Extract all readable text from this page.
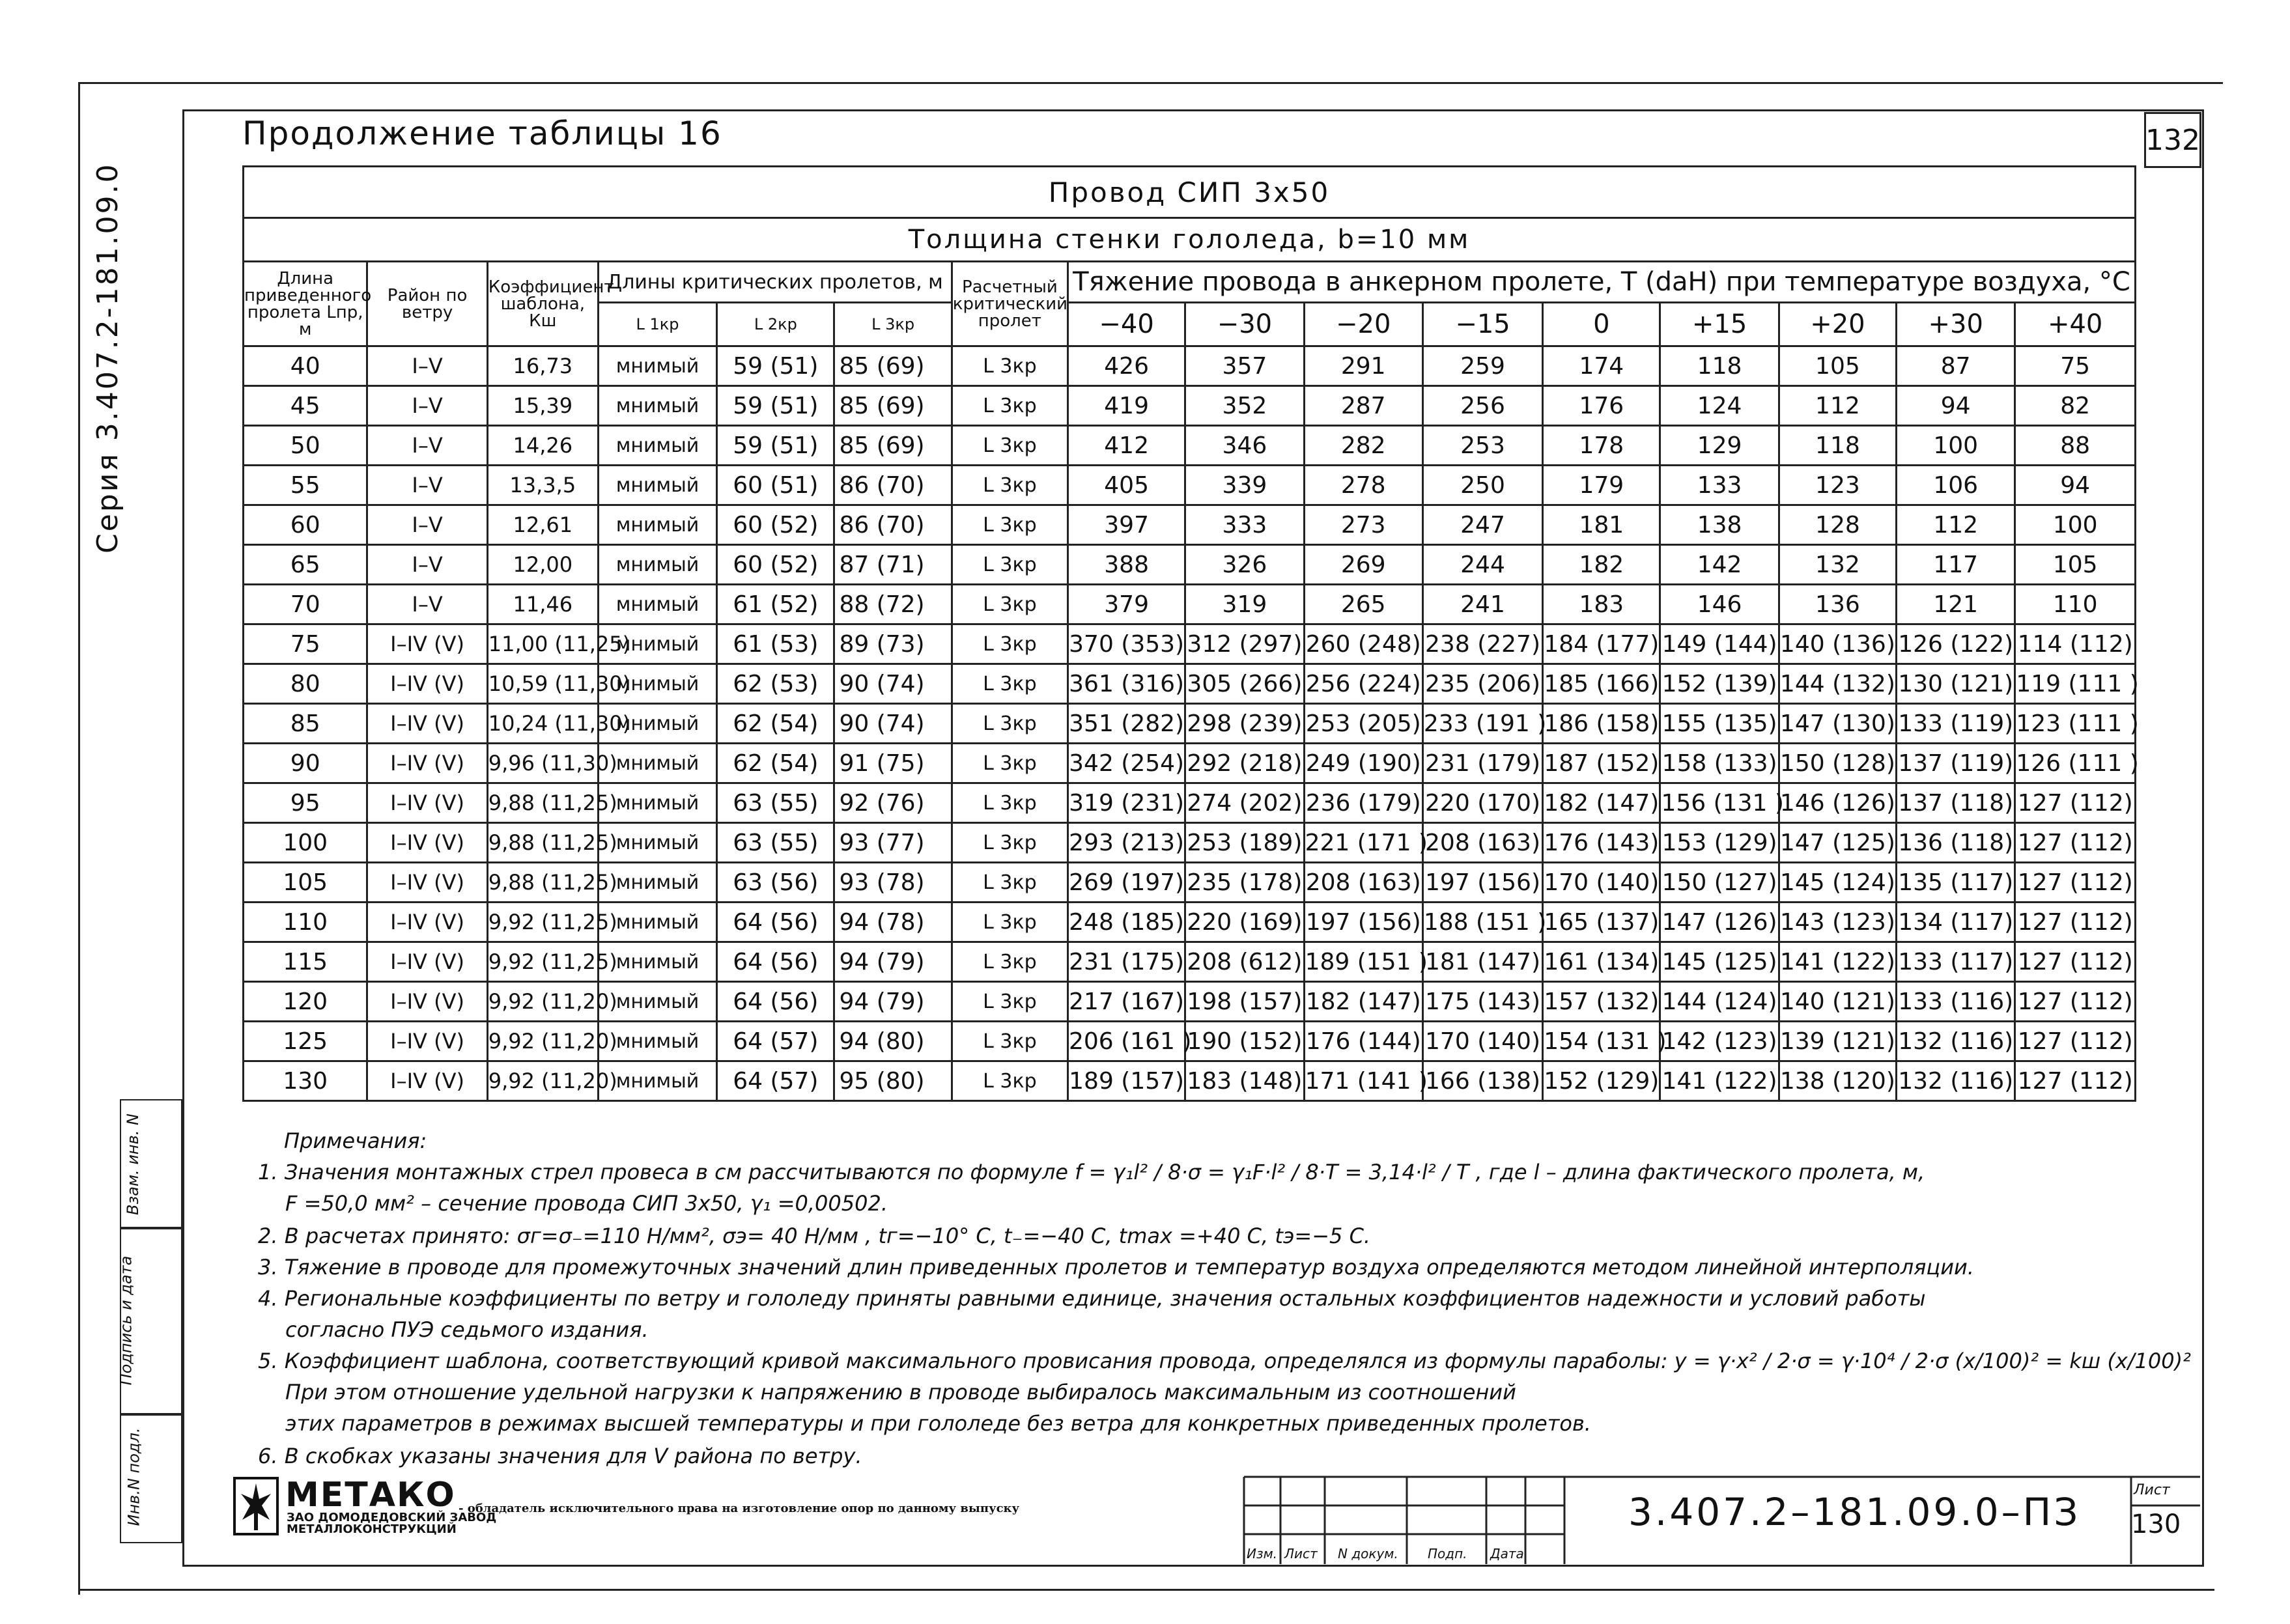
Продолжение таблицы 16	132
Серия 3.407.2-181.09.0
Взам. инв. N
Подпись и дата
Инв.N подл.
Провод СИП 3х50															
Толщина стенки гололеда, b=10 мм															
Длина приведенного пролета Lпр, м	Район по ветру	Коэффициент шаблона, Кш	Длины критических пролетов, м			Расчетный критический пролет	Тяжение провода в анкерном пролете, Т (daН) при температуре воздуха, °С								
			L 1кр	L 2кр	L 3кр		−40	−30	−20	−15	0	+15	+20	+30	+40
40	I–V	16,73	мнимый	59 (51)	85 (69)	L 3кр	426	357	291	259	174	118	105	87	75
45	I–V	15,39	мнимый	59 (51)	85 (69)	L 3кр	419	352	287	256	176	124	112	94	82
50	I–V	14,26	мнимый	59 (51)	85 (69)	L 3кр	412	346	282	253	178	129	118	100	88
55	I–V	13,3,5	мнимый	60 (51)	86 (70)	L 3кр	405	339	278	250	179	133	123	106	94
60	I–V	12,61	мнимый	60 (52)	86 (70)	L 3кр	397	333	273	247	181	138	128	112	100
65	I–V	12,00	мнимый	60 (52)	87 (71)	L 3кр	388	326	269	244	182	142	132	117	105
70	I–V	11,46	мнимый	61 (52)	88 (72)	L 3кр	379	319	265	241	183	146	136	121	110
75	I–IV (V)	11,00 (11,25)	мнимый	61 (53)	89 (73)	L 3кр	370 (353)	312 (297)	260 (248)	238 (227)	184 (177)	149 (144)	140 (136)	126 (122)	114 (112)
80	I–IV (V)	10,59 (11,30)	мнимый	62 (53)	90 (74)	L 3кр	361 (316)	305 (266)	256 (224)	235 (206)	185 (166)	152 (139)	144 (132)	130 (121)	119 (111 )
85	I–IV (V)	10,24 (11,30)	мнимый	62 (54)	90 (74)	L 3кр	351 (282)	298 (239)	253 (205)	233 (191 )	186 (158)	155 (135)	147 (130)	133 (119)	123 (111 )
90	I–IV (V)	9,96 (11,30)	мнимый	62 (54)	91 (75)	L 3кр	342 (254)	292 (218)	249 (190)	231 (179)	187 (152)	158 (133)	150 (128)	137 (119)	126 (111 )
95	I–IV (V)	9,88 (11,25)	мнимый	63 (55)	92 (76)	L 3кр	319 (231)	274 (202)	236 (179)	220 (170)	182 (147)	156 (131 )	146 (126)	137 (118)	127 (112)
100	I–IV (V)	9,88 (11,25)	мнимый	63 (55)	93 (77)	L 3кр	293 (213)	253 (189)	221 (171 )	208 (163)	176 (143)	153 (129)	147 (125)	136 (118)	127 (112)
105	I–IV (V)	9,88 (11,25)	мнимый	63 (56)	93 (78)	L 3кр	269 (197)	235 (178)	208 (163)	197 (156)	170 (140)	150 (127)	145 (124)	135 (117)	127 (112)
110	I–IV (V)	9,92 (11,25)	мнимый	64 (56)	94 (78)	L 3кр	248 (185)	220 (169)	197 (156)	188 (151 )	165 (137)	147 (126)	143 (123)	134 (117)	127 (112)
115	I–IV (V)	9,92 (11,25)	мнимый	64 (56)	94 (79)	L 3кр	231 (175)	208 (612)	189 (151 )	181 (147)	161 (134)	145 (125)	141 (122)	133 (117)	127 (112)
120	I–IV (V)	9,92 (11,20)	мнимый	64 (56)	94 (79)	L 3кр	217 (167)	198 (157)	182 (147)	175 (143)	157 (132)	144 (124)	140 (121)	133 (116)	127 (112)
125	I–IV (V)	9,92 (11,20)	мнимый	64 (57)	94 (80)	L 3кр	206 (161 )	190 (152)	176 (144)	170 (140)	154 (131 )	142 (123)	139 (121)	132 (116)	127 (112)
130	I–IV (V)	9,92 (11,20)	мнимый	64 (57)	95 (80)	L 3кр	189 (157)	183 (148)	171 (141 )	166 (138)	152 (129)	141 (122)	138 (120)	132 (116)	127 (112)
Примечания:
1. Значения монтажных стрел провеса в см рассчитываются по формуле f = γ₁l² / 8·σ = γ₁F·l² / 8·T = 3,14·l² / T , где l – длина фактического пролета, м,
F =50,0 мм² – сечение провода СИП 3х50, γ₁ =0,00502.
2. В расчетах принято: σг=σ₋=110 Н/мм², σэ= 40 Н/мм , tг=−10° С, t₋=−40 С, tmax =+40 С, tэ=−5 С.
3. Тяжение в проводе для промежуточных значений длин приведенных пролетов и температур воздуха определяются методом линейной интерполяции.
4. Региональные коэффициенты по ветру и гололеду приняты равными единице, значения остальных коэффициентов надежности и условий работы
согласно ПУЭ седьмого издания.
5. Коэффициент шаблона, соответствующий кривой максимального провисания провода, определялся из формулы параболы: y = γ·x² / 2·σ = γ·10⁴ / 2·σ (x/100)² = kш (x/100)²
При этом отношение удельной нагрузки к напряжению в проводе выбиралось максимальным из соотношений
этих параметров в режимах высшей температуры и при гололеде без ветра для конкретных приведенных пролетов.
6. В скобках указаны значения для V района по ветру.
МЕТАКО
ЗАО ДОМОДЕДОВСКИЙ ЗАВОД
МЕТАЛЛОКОНСТРУКЦИЙ
- обладатель исключительного права на изготовление опор по данному выпуску
Изм. Лист N докум. Подп. Дата
3.407.2–181.09.0–ПЗ	Лист
130
